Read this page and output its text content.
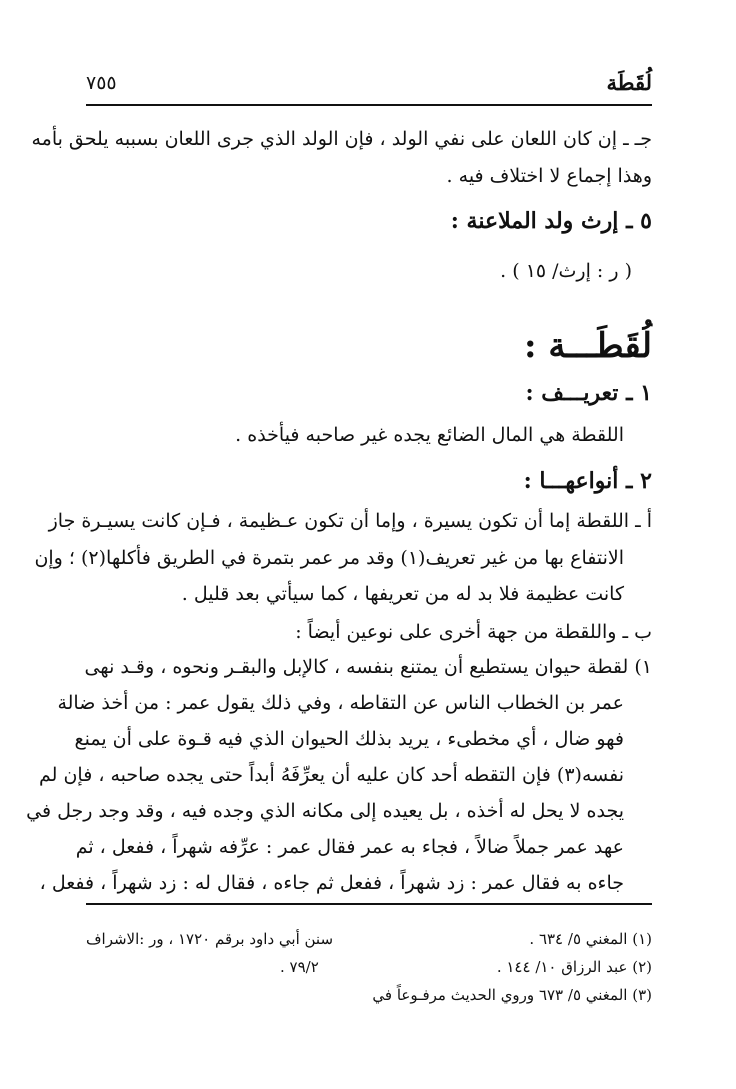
٧٥٥	لُقَطَة
جـ ـ إن كان اللعان على نفي الولد ، فإن الولد الذي جرى اللعان بسببه يلحق بأمه
وهذا إجماع لا اختلاف فيه .
٥ ـ إرث ولد الملاعنة :
( ر : إرث/ ١٥ ) .
لُقَطَـــة :
١ ـ تعريـــف :
اللقطة هي المال الضائع يجده غير صاحبه فيأخذه .
٢ ـ أنواعهـــا :
أ ـ اللقطة إما أن تكون يسيرة ، وإما أن تكون عـظيمة ، فـإن كانت يسيـرة جاز
الانتفاع بها من غير تعريف(١) وقد مر عمر بتمرة في الطريق فأكلها(٢) ؛ وإن
كانت عظيمة فلا بد له من تعريفها ، كما سيأتي بعد قليل .
ب ـ واللقطة من جهة أخرى على نوعين أيضاً :
١) لقطة حيوان يستطيع أن يمتنع بنفسه ، كالإبل والبقـر ونحوه ، وقـد نهى
عمر بن الخطاب الناس عن التقاطه ، وفي ذلك يقول عمر : من أخذ ضالة
فهو ضال ، أي مخطىء ، يريد بذلك الحيوان الذي فيه قـوة على أن يمنع
نفسه(٣) فإن التقطه أحد كان عليه أن يعرِّفَهُ أبداً حتى يجده صاحبه ، فإن لم
يجده لا يحل له أخذه ، بل يعيده إلى مكانه الذي وجده فيه ، وقد وجد رجل في
عهد عمر جملاً ضالاً ، فجاء به عمر فقال عمر : عرِّفه شهراً ، ففعل ، ثم
جاءه به فقال عمر : زد شهراً ، ففعل ثم جاءه ، فقال له : زد شهراً ، ففعل ،
(١) المغني ٥/ ٦٣٤ .
(٢) عبد الرزاق ١٠/ ١٤٤ .
(٣) المغني ٥/ ٦٧٣ وروي الحديث مرفـوعاً في
سنن أبي داود برقم ١٧٢٠ ، ور :الاشراف
٧٩/٢ .
